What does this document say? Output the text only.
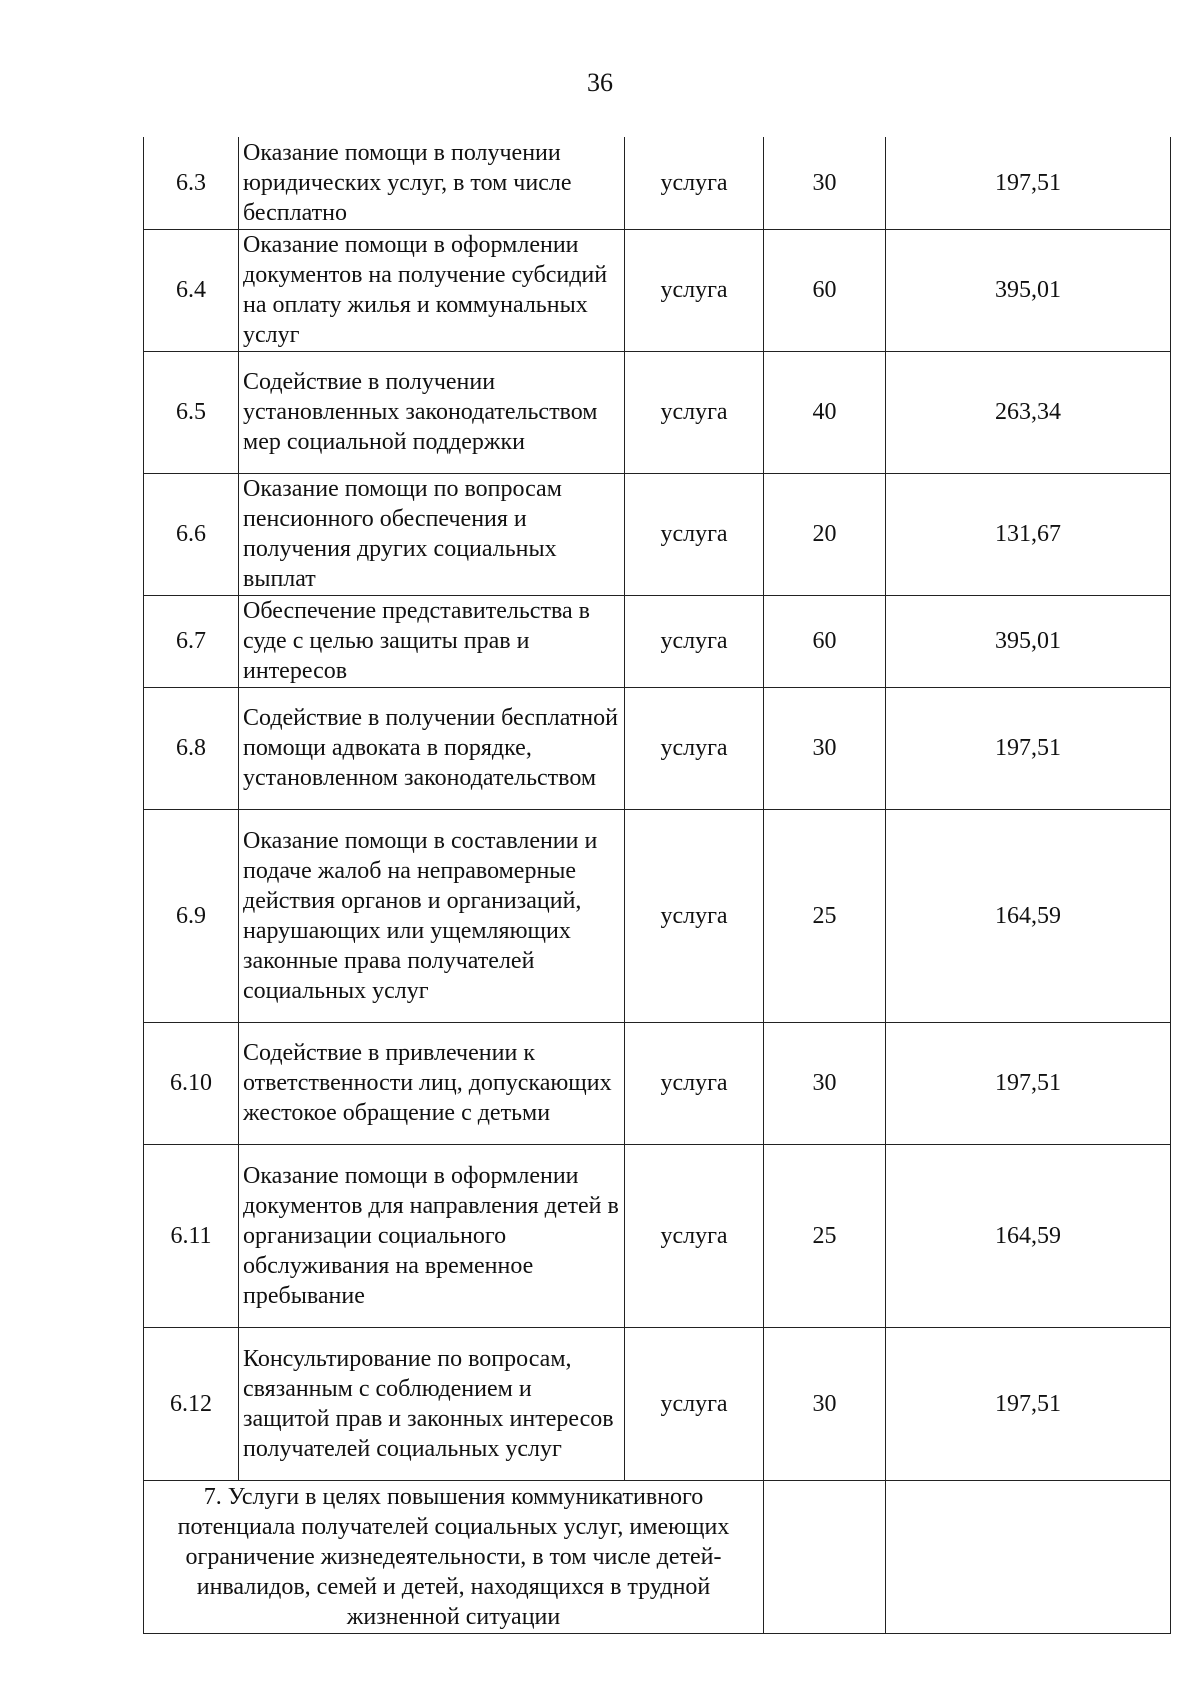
36
6.3	Оказание помощи в получении юридических услуг, в том числе бесплатно	услуга	30	197,51
6.4	Оказание помощи в оформлении документов на получение субсидий на оплату жилья и коммунальных услуг	услуга	60	395,01
6.5	Содействие в получении установленных законодательством мер социальной поддержки	услуга	40	263,34
6.6	Оказание помощи по вопросам пенсионного обеспечения и получения других социальных выплат	услуга	20	131,67
6.7	Обеспечение представительства в суде с целью защиты прав и интересов	услуга	60	395,01
6.8	Содействие в получении бесплатной помощи адвоката в порядке, установленном законодательством	услуга	30	197,51
6.9	Оказание помощи в составлении и подаче жалоб на неправомерные действия органов и организаций, нарушающих или ущемляющих законные права получателей социальных услуг	услуга	25	164,59
6.10	Содействие в привлечении к ответственности лиц, допускающих жестокое обращение с детьми	услуга	30	197,51
6.11	Оказание помощи в оформлении документов для направления детей в организации социального обслуживания на временное пребывание	услуга	25	164,59
6.12	Консультирование по вопросам, связанным с соблюдением и защитой прав и законных интересов получателей социальных услуг	услуга	30	197,51
7. Услуги в целях повышения коммуникативного потенциала получателей социальных услуг, имеющих ограничение жизнедеятельности, в том числе детей-инвалидов, семей и детей, находящихся в трудной жизненной ситуации				
